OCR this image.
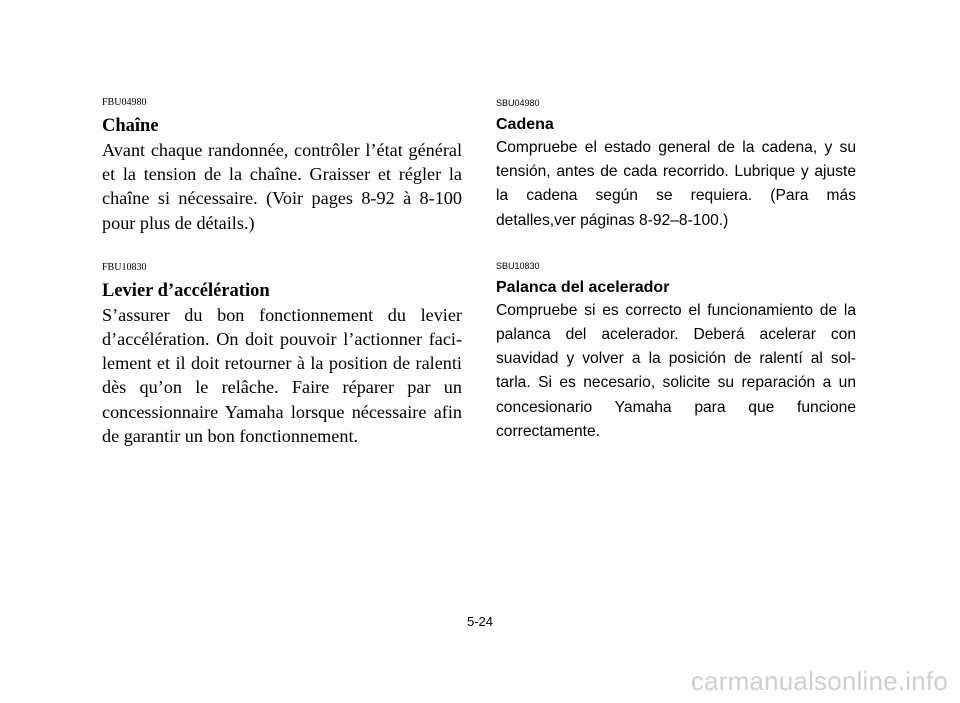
FBU04980

Chaîne

Avant chaque randonnée, contrôler l’état général et la tension de la chaîne. Graisser et régler la chaîne si nécessaire. (Voir pages 8-92 à 8-100 pour plus de détails.)

FBU10830

Levier d’accélération

S’assurer du bon fonctionnement du levier d’accélération. On doit pouvoir l’actionner faci-lement et il doit retourner à la position de ralenti dès qu’on le relâche. Faire réparer par un concessionnaire Yamaha lorsque nécessaire afin de garantir un bon fonctionnement.

SBU04980

Cadena

Compruebe el estado general de la cadena, y su tensión, antes de cada recorrido. Lubrique y ajuste la cadena según se requiera. (Para más detalles,ver páginas 8-92–8-100.)

SBU10830

Palanca del acelerador

Compruebe si es correcto el funcionamiento de la palanca del acelerador. Deberá acelerar con suavidad y volver a la posición de ralentí al sol-tarla. Si es necesario, solicite su reparación a un concesionario Yamaha para que funcione correctamente.

5-24
carmanualsonline.info
